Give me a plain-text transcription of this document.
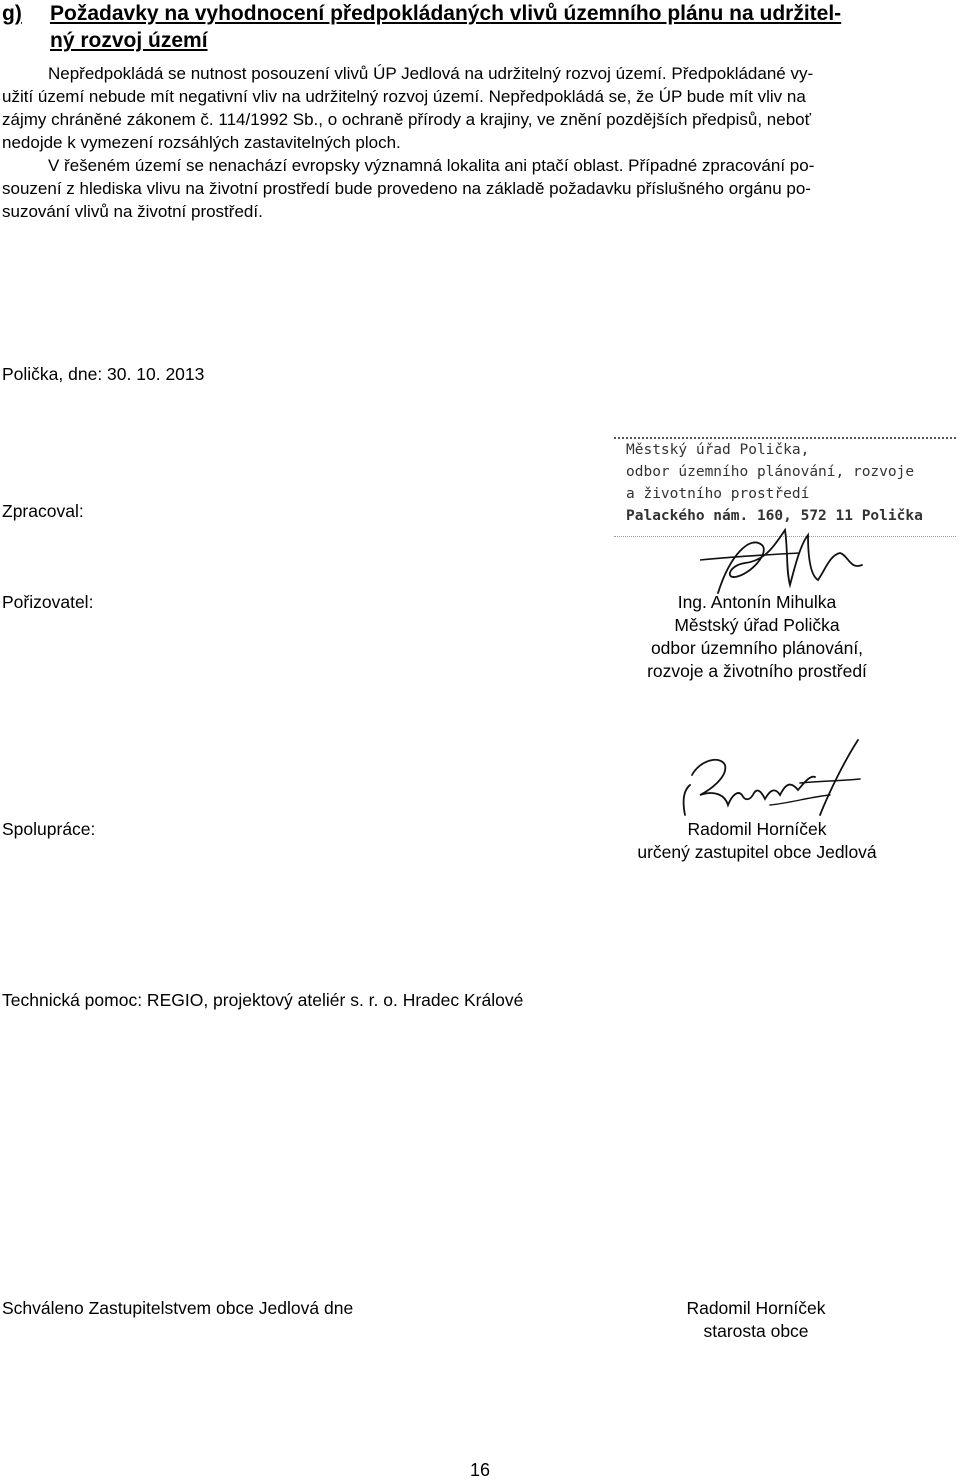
g) Požadavky na vyhodnocení předpokládaných vlivů územního plánu na udržitel-
ný rozvoj území
Nepředpokládá se nutnost posouzení vlivů ÚP Jedlová na udržitelný rozvoj území. Předpokládané vy-
užití území nebude mít negativní vliv na udržitelný rozvoj území. Nepředpokládá se, že ÚP bude mít vliv na
zájmy chráněné zákonem č. 114/1992 Sb., o ochraně přírody a krajiny, ve znění pozdějších předpisů, neboť
nedojde k vymezení rozsáhlých zastavitelných ploch.
V řešeném území se nenachází evropsky významná lokalita ani ptačí oblast. Případné zpracování po-
souzení z hlediska vlivu na životní prostředí bude provedeno na základě požadavku příslušného orgánu po-
suzování vlivů na životní prostředí.
Polička, dne: 30. 10. 2013
Městský úřad Polička,
odbor územního plánování, rozvoje
a životního prostředí
Palackého nám. 160, 572 11 Polička
Zpracoval:
Pořizovatel:	Ing. Antonín Mihulka
Městský úřad Polička
odbor územního plánování,
rozvoje a životního prostředí
Spolupráce:	Radomil Horníček
určený zastupitel obce Jedlová
Technická pomoc: REGIO, projektový ateliér s. r. o. Hradec Králové
Schváleno Zastupitelstvem obce Jedlová dne	Radomil Horníček
starosta obce
16
